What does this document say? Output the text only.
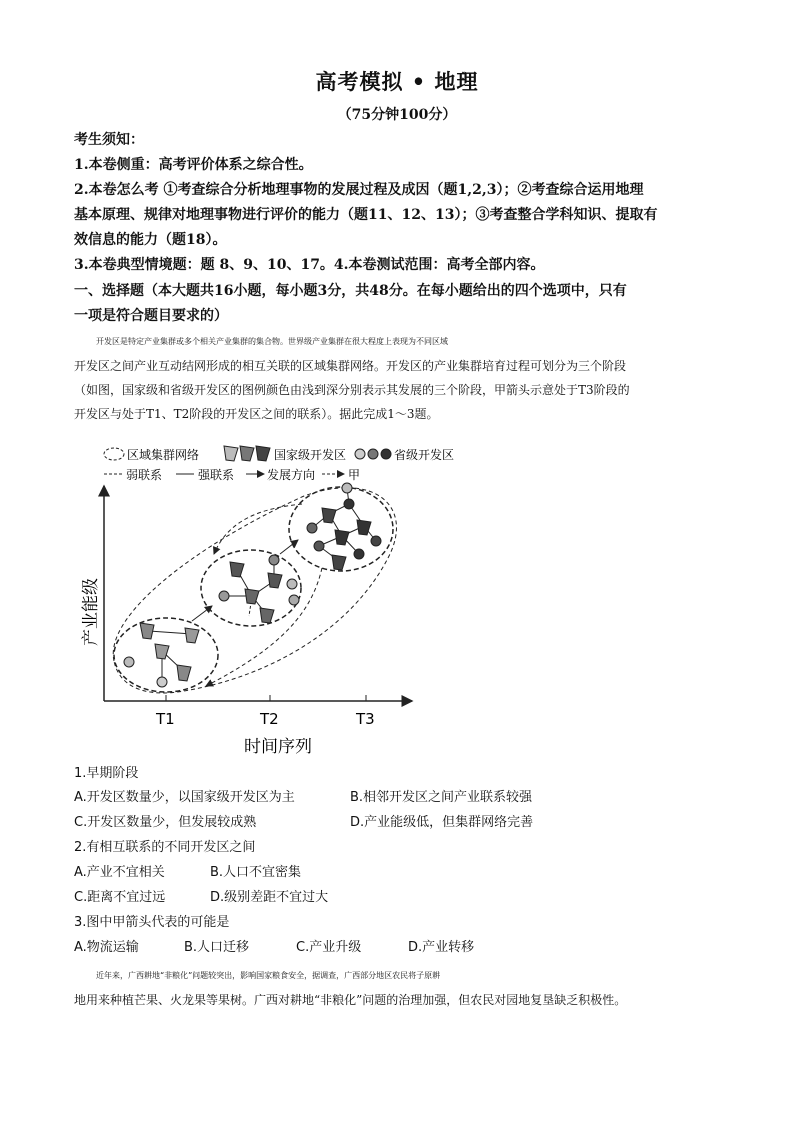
高考模拟 • 地理
（75分钟100分）
考生须知：
1.本卷侧重：高考评价体系之综合性。
2.本卷怎么考 ①考查综合分析地理事物的发展过程及成因（题1,2,3）；②考查综合运用地理
基本原理、规律对地理事物进行评价的能力（题11、12、13）；③考查整合学科知识、提取有
效信息的能力（题18）。
3.本卷典型情境题：题 8、9、10、17。4.本卷测试范围：高考全部内容。
一、选择题（本大题共16小题，每小题3分，共48分。在每小题给出的四个选项中，只有
一项是符合题目要求的）
开发区是特定产业集群或多个相关产业集群的集合物。世界级产业集群在很大程度上表现为不同区域
开发区之间产业互动结网形成的相互关联的区域集群网络。开发区的产业集群培育过程可划分为三个阶段
（如图，国家级和省级开发区的图例颜色由浅到深分别表示其发展的三个阶段，甲箭头示意处于T3阶段的
开发区与处于T1、T2阶段的开发区之间的联系）。据此完成1～3题。
区域集群网络	国家级开发区	省级开发区
弱联系	强联系	发展方向	甲
T1	T2	T3
时间序列
产业能级
1.早期阶段
A.开发区数量少，以国家级开发区为主	B.相邻开发区之间产业联系较强
C.开发区数量少，但发展较成熟	D.产业能级低，但集群网络完善
2.有相互联系的不同开发区之间
A.产业不宜相关	B.人口不宜密集
C.距离不宜过远	D.级别差距不宜过大
3.图中甲箭头代表的可能是
A.物流运输	B.人口迁移	C.产业升级	D.产业转移
近年来，广西耕地“非粮化”问题较突出，影响国家粮食安全，据调查，广西部分地区农民将子原耕
地用来种植芒果、火龙果等果树。广西对耕地“非粮化”问题的治理加强，但农民对园地复垦缺乏积极性。
